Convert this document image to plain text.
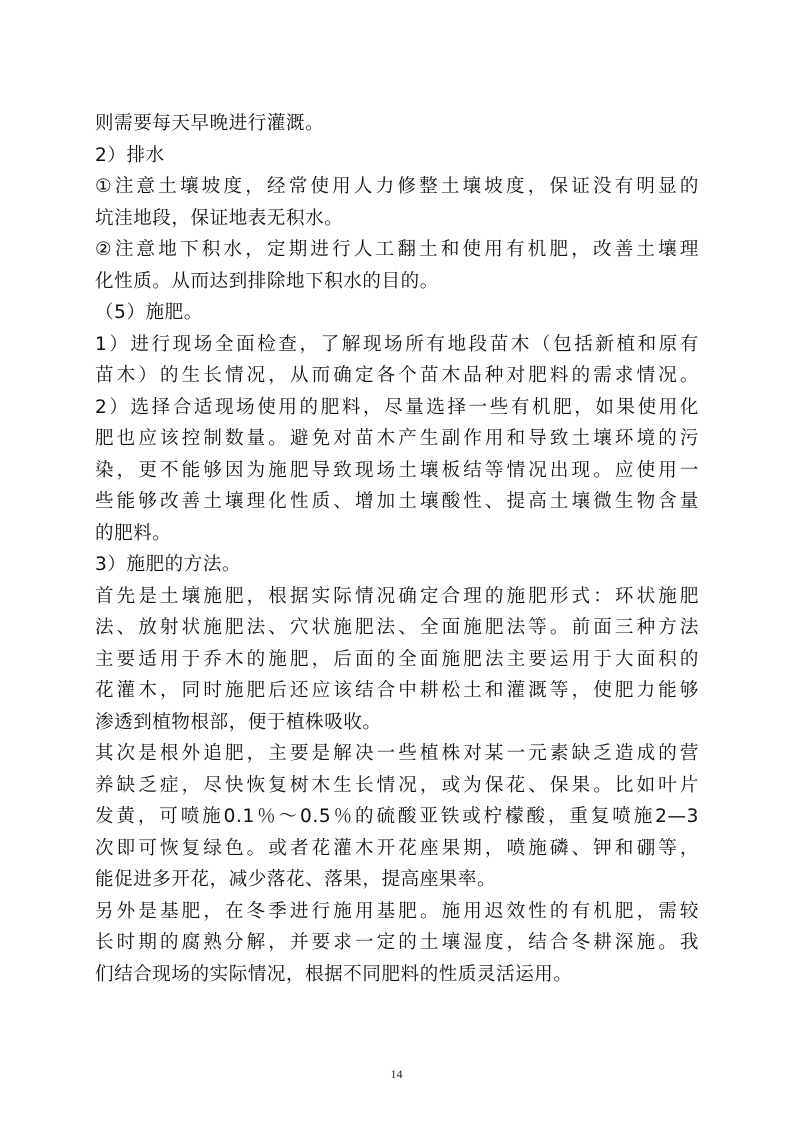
则需要每天早晚进行灌溉。
2）排水
①注意土壤坡度，经常使用人力修整土壤坡度，保证没有明显的
坑洼地段，保证地表无积水。
②注意地下积水，定期进行人工翻土和使用有机肥，改善土壤理
化性质。从而达到排除地下积水的目的。
（5）施肥。
1）进行现场全面检查，了解现场所有地段苗木（包括新植和原有
苗木）的生长情况，从而确定各个苗木品种对肥料的需求情况。
2）选择合适现场使用的肥料，尽量选择一些有机肥，如果使用化
肥也应该控制数量。避免对苗木产生副作用和导致土壤环境的污
染，更不能够因为施肥导致现场土壤板结等情况出现。应使用一
些能够改善土壤理化性质、增加土壤酸性、提高土壤微生物含量
的肥料。
3）施肥的方法。
首先是土壤施肥，根据实际情况确定合理的施肥形式：环状施肥
法、放射状施肥法、穴状施肥法、全面施肥法等。前面三种方法
主要适用于乔木的施肥，后面的全面施肥法主要运用于大面积的
花灌木，同时施肥后还应该结合中耕松土和灌溉等，使肥力能够
渗透到植物根部，便于植株吸收。
其次是根外追肥，主要是解决一些植株对某一元素缺乏造成的营
养缺乏症，尽快恢复树木生长情况，或为保花、保果。比如叶片
发黄，可喷施0.1％～0.5％的硫酸亚铁或柠檬酸，重复喷施2—3
次即可恢复绿色。或者花灌木开花座果期，喷施磷、钾和硼等，
能促进多开花，减少落花、落果，提高座果率。
另外是基肥，在冬季进行施用基肥。施用迟效性的有机肥，需较
长时期的腐熟分解，并要求一定的土壤湿度，结合冬耕深施。我
们结合现场的实际情况，根据不同肥料的性质灵活运用。
14
